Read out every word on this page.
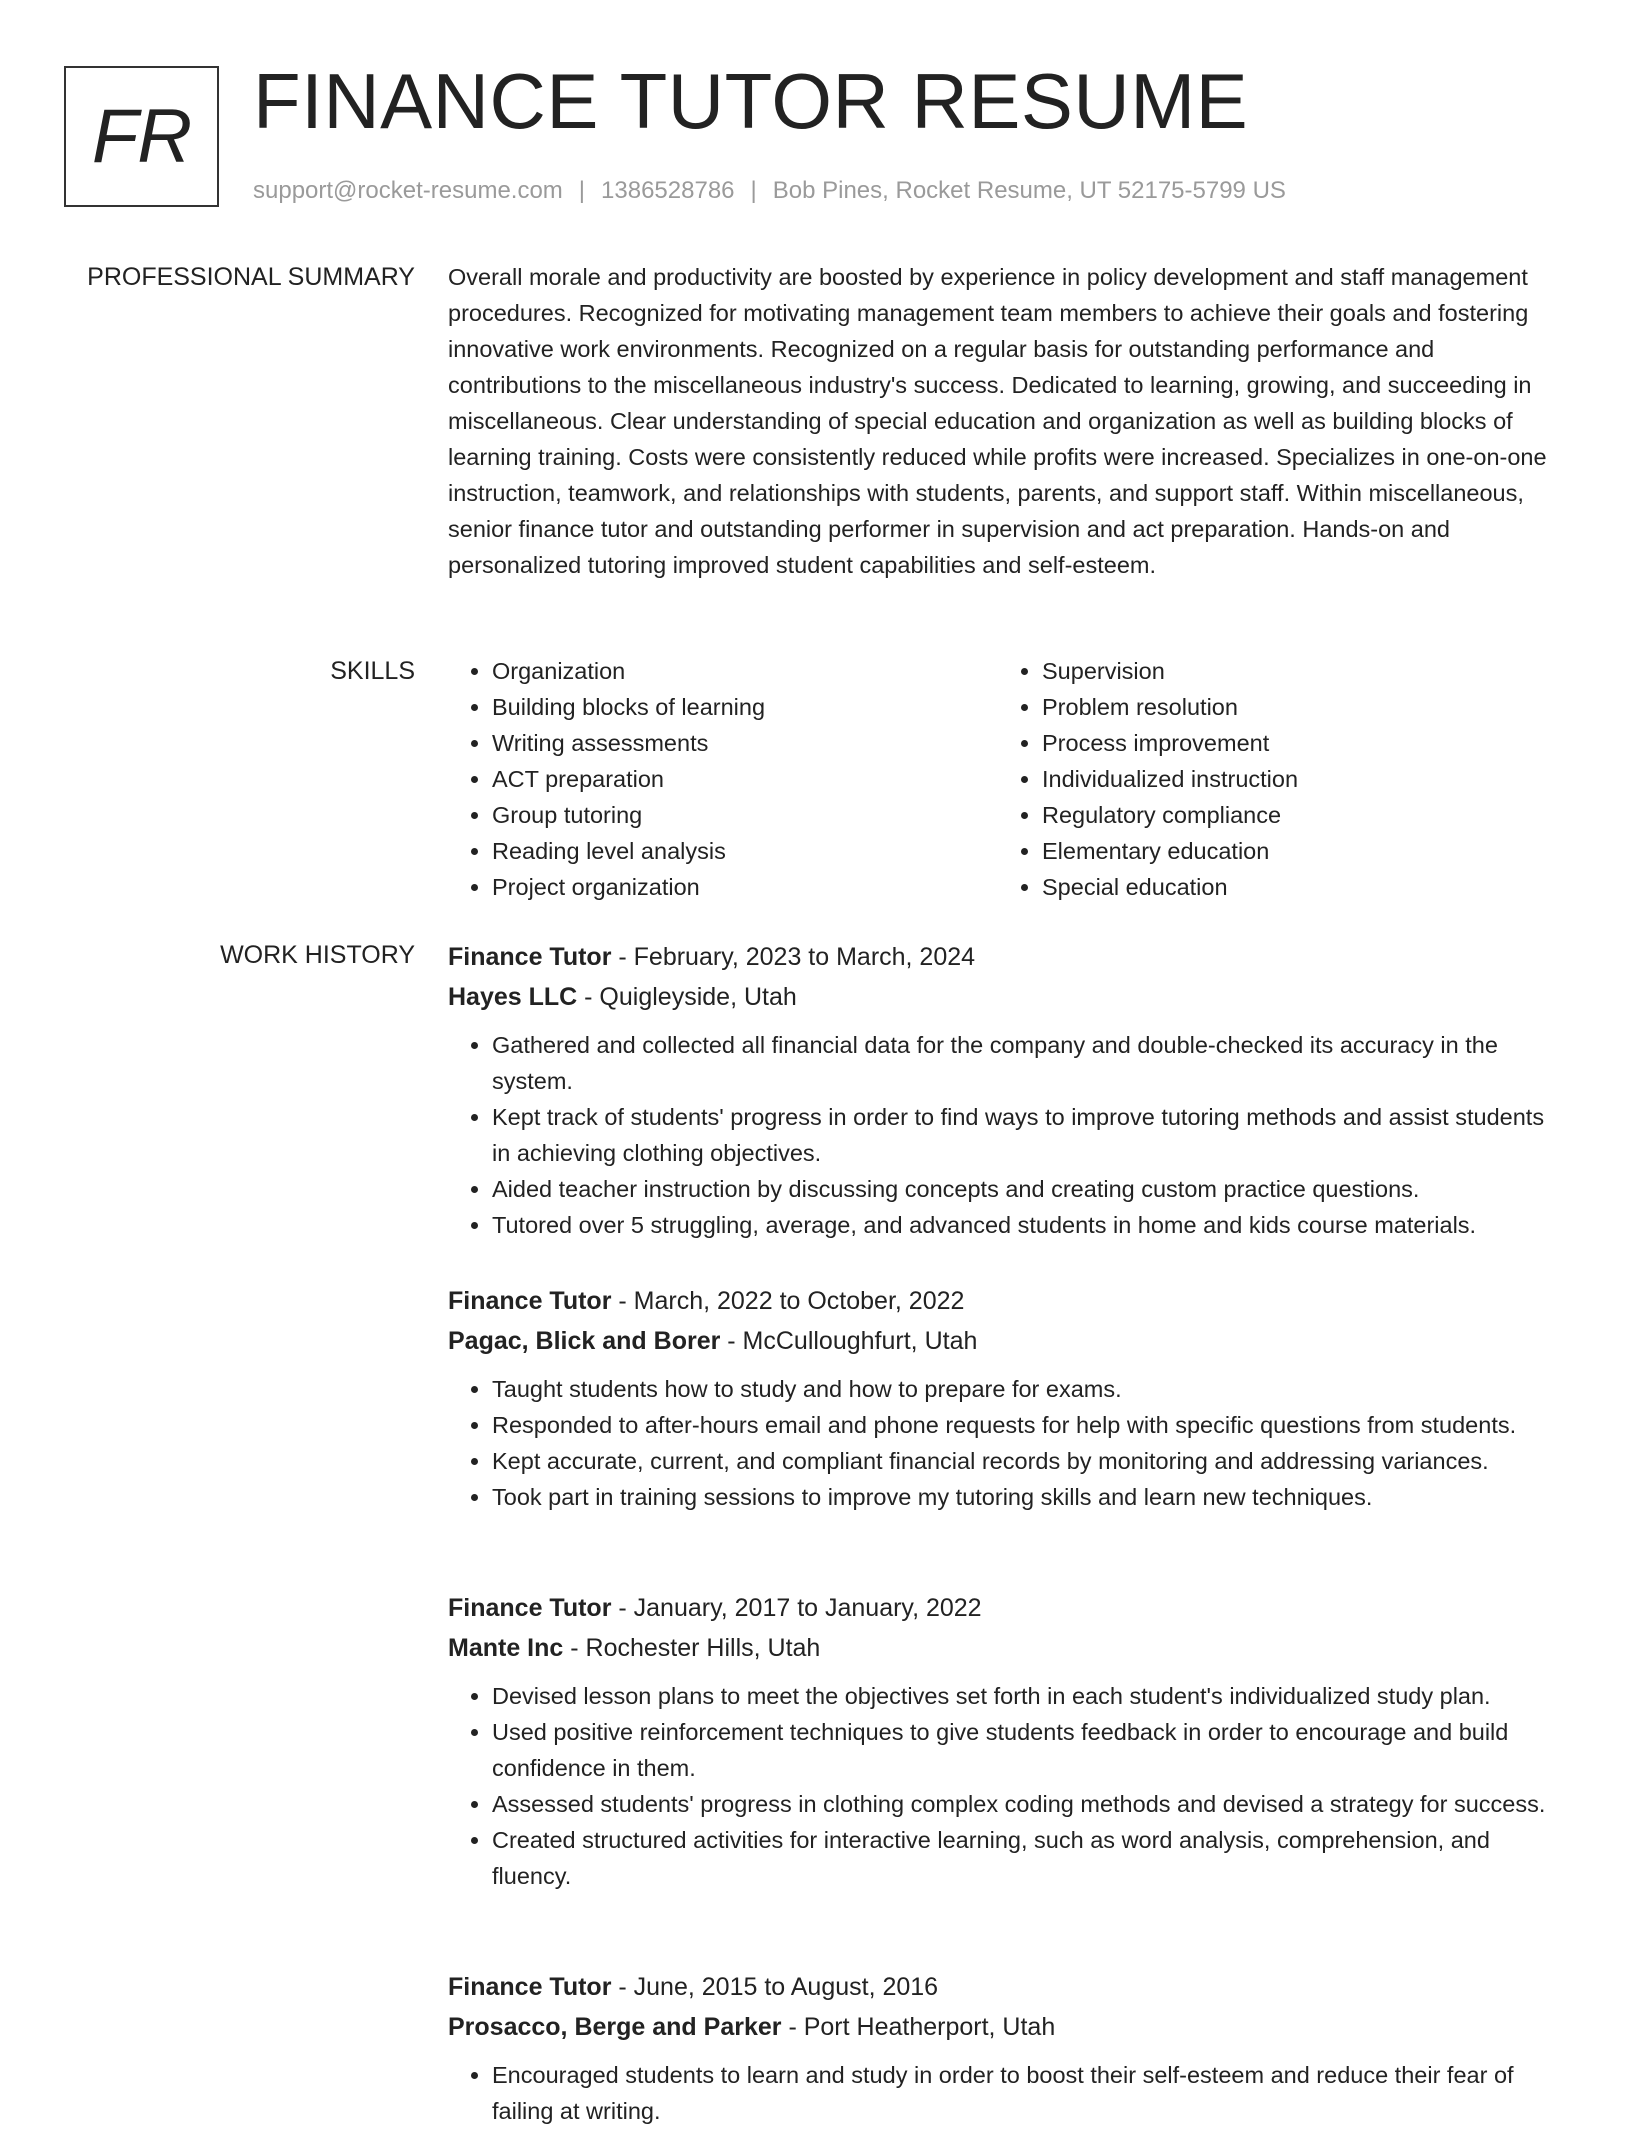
FR FINANCE TUTOR RESUME
support@rocket-resume.com | 1386528786 | Bob Pines, Rocket Resume, UT 52175-5799 US
PROFESSIONAL SUMMARY Overall morale and productivity are boosted by experience in policy development and staff management procedures. Recognized for motivating management team members to achieve their goals and fostering innovative work environments. Recognized on a regular basis for outstanding performance and contributions to the miscellaneous industry's success. Dedicated to learning, growing, and succeeding in miscellaneous. Clear understanding of special education and organization as well as building blocks of learning training. Costs were consistently reduced while profits were increased. Specializes in one-on-one instruction, teamwork, and relationships with students, parents, and support staff. Within miscellaneous, senior finance tutor and outstanding performer in supervision and act preparation. Hands-on and personalized tutoring improved student capabilities and self-esteem.

SKILLS
•	Organization
• Building blocks of learning
• Writing assessments
• ACT preparation
• Group tutoring
• Reading level analysis
• Project organization
• Supervision
• Problem resolution
• Process improvement
• Individualized instruction
• Regulatory compliance
• Elementary education
• Special education
WORK HISTORY Finance Tutor - February, 2023 to March, 2024
Hayes LLC - Quigleyside, Utah
• Gathered and collected all financial data for the company and double-checked its accuracy in the system.
• Kept track of students' progress in order to find ways to improve tutoring methods and assist students in achieving clothing objectives.
• Aided teacher instruction by discussing concepts and creating custom practice questions.
• Tutored over 5 struggling, average, and advanced students in home and kids course materials.
Finance Tutor - March, 2022 to October, 2022
Pagac, Blick and Borer - McCulloughfurt, Utah
• Taught students how to study and how to prepare for exams.
• Responded to after-hours email and phone requests for help with specific questions from students.
• Kept accurate, current, and compliant financial records by monitoring and addressing variances.
• Took part in training sessions to improve my tutoring skills and learn new techniques.
Finance Tutor - January, 2017 to January, 2022
Mante Inc - Rochester Hills, Utah
• Devised lesson plans to meet the objectives set forth in each student's individualized study plan.
• Used positive reinforcement techniques to give students feedback in order to encourage and build confidence in them.
• Assessed students' progress in clothing complex coding methods and devised a strategy for success.
• Created structured activities for interactive learning, such as word analysis, comprehension, and fluency.
Finance Tutor - June, 2015 to August, 2016
Prosacco, Berge and Parker - Port Heatherport, Utah
• Encouraged students to learn and study in order to boost their self-esteem and reduce their fear of failing at writing.
